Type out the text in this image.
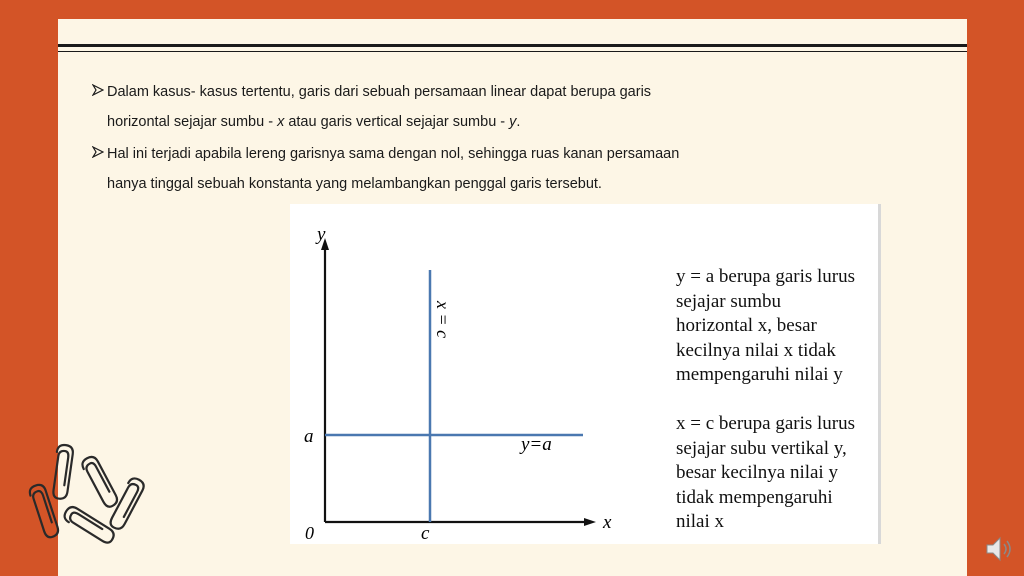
Dalam kasus- kasus tertentu, garis dari sebuah persamaan linear dapat berupa garis
horizontal sejajar sumbu - x atau garis vertical sejajar sumbu - y.
Hal ini terjadi apabila lereng garisnya sama dengan nol, sehingga ruas kanan persamaan
hanya tinggal sebuah konstanta yang melambangkan penggal garis tersebut.
y
x
0
a
c
y=a
x = c
y = a berupa garis lurus
sejajar sumbu
horizontal x, besar
kecilnya nilai x tidak
mempengaruhi nilai y
x = c berupa garis lurus
sejajar subu vertikal y,
besar kecilnya nilai y
tidak mempengaruhi
nilai x
